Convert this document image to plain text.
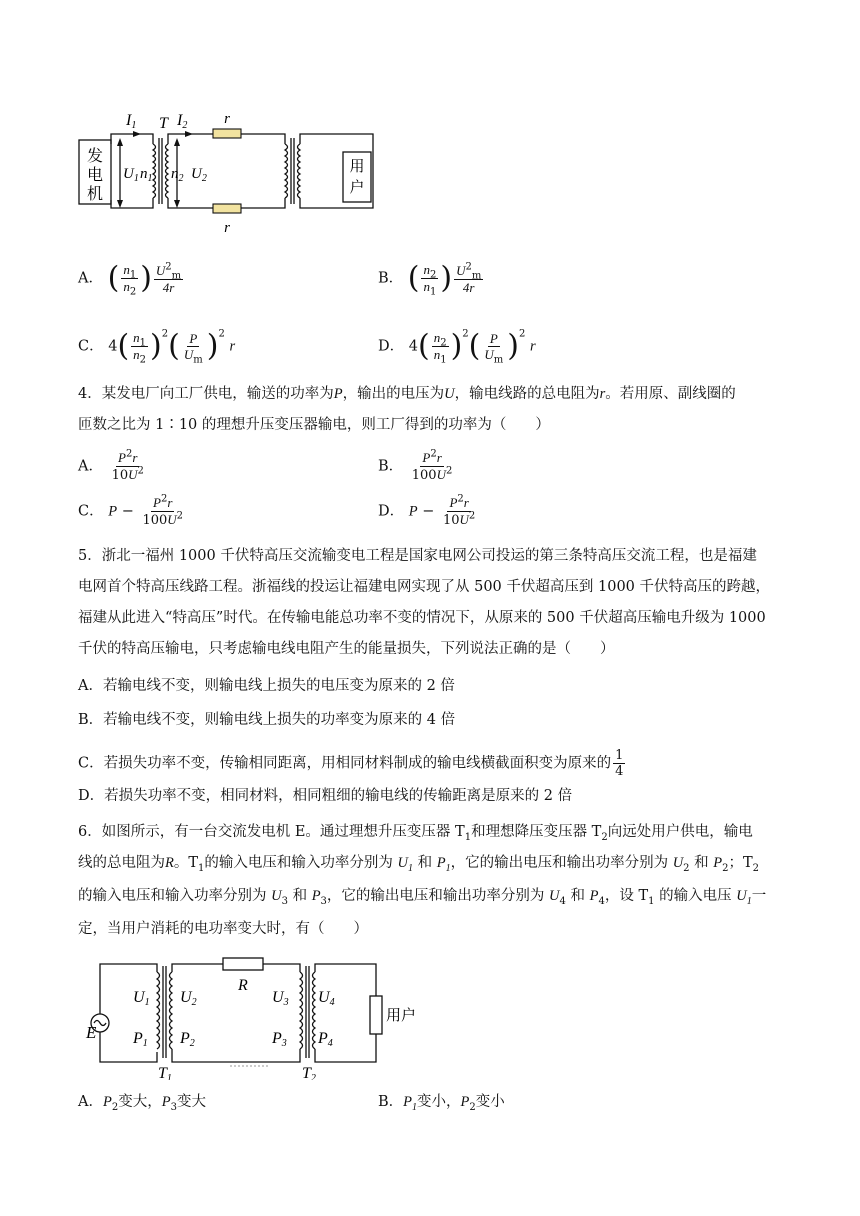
I1 T I2 r
r
发
电
机
$U_1$ $n_1$ $n_2$ $U_2$
用
户
A． ( $\frac{n_1}{n_2}$ ) $\frac{U^2_m}{4r}$	B． ( $\frac{n_2}{n_1}$ ) $\frac{U^2_m}{4r}$
C． $4( \frac{n_1}{n_2} )^2( \frac{P}{U_m} )^2$ r	D． $4( \frac{n_2}{n_1} )^2( \frac{P}{U_m} )^2$ r
4．某发电厂向工厂供电，输送的功率为P，输出的电压为U，输电线路的总电阻为r。若用原、副线圈的
匝数之比为 1∶10 的理想升压变压器输电，则工厂得到的功率为（　　）
A． $\frac{P^2r}{10U^2}$	B． $\frac{P^2r}{100U^2}$
C． $P - \frac{P^2r}{100U^2}$	D． $P - \frac{P^2r}{10U^2}$
5．浙北一福州 1000 千伏特高压交流输变电工程是国家电网公司投运的第三条特高压交流工程，也是福建
电网首个特高压线路工程。浙福线的投运让福建电网实现了从 500 千伏超高压到 1000 千伏特高压的跨越，
福建从此进入“特高压”时代。在传输电能总功率不变的情况下，从原来的 500 千伏超高压输电升级为 1000
千伏的特高压输电，只考虑输电线电阻产生的能量损失，下列说法正确的是（　　）
A．若输电线不变，则输电线上损失的电压变为原来的 2 倍
B．若输电线不变，则输电线上损失的功率变为原来的 4 倍
C．若损失功率不变，传输相同距离，用相同材料制成的输电线横截面积变为原来的 $\frac{1}{4}$
D．若损失功率不变，相同材料，相同粗细的输电线的传输距离是原来的 2 倍
6．如图所示，有一台交流发电机 E。通过理想升压变压器 $T_1$和理想降压变压器 $T_2$向远处用户供电，输电
线的总电阻为R。$T_1$的输入电压和输入功率分别为 $U_1$ 和 $P_1$，它的输出电压和输出功率分别为 $U_2$ 和 $P_2$；$T_2$
的输入电压和输入功率分别为 $U_3$ 和 $P_3$，它的输出电压和输出功率分别为 $U_4$ 和 $P_4$，设 $T_1$ 的输入电压 $U_1$一
定，当用户消耗的电功率变大时，有（　　）
E
U1
P1
U2
P2
U3
P3
U4
P4
R
T1	T2
用户
A．$P_2$变大，$P_3$变大	B．$P_1$变小，$P_2$变小
